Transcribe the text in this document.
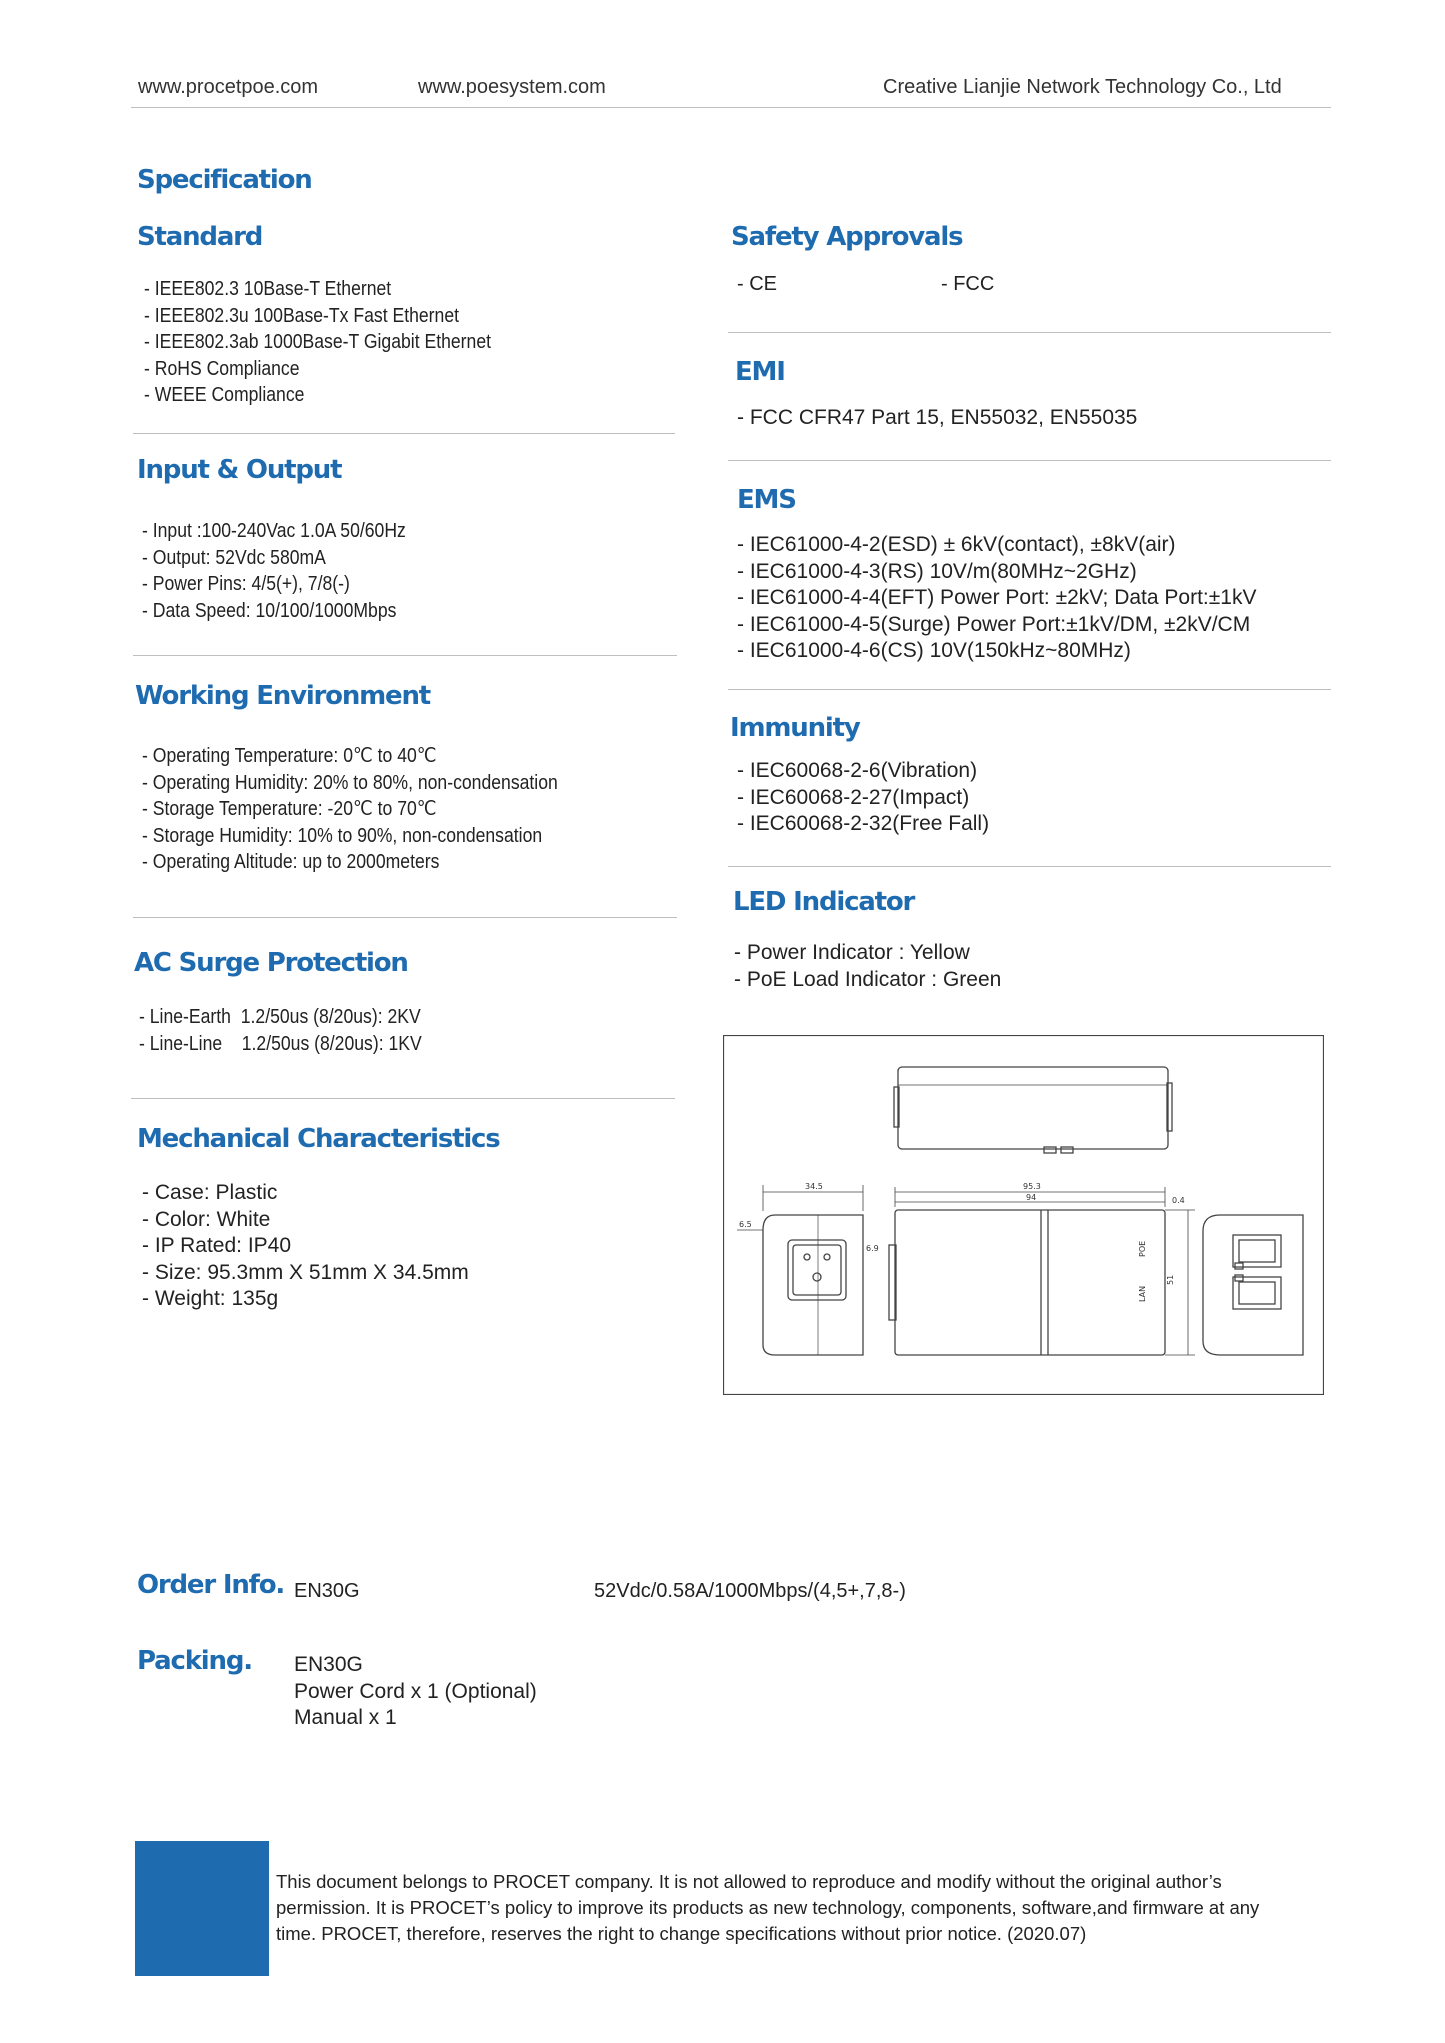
www.procetpoe.com	www.poesystem.com	Creative Lianjie Network Technology Co., Ltd
Specification
Standard
- IEEE802.3 10Base-T Ethernet
- IEEE802.3u 100Base-Tx Fast Ethernet
- IEEE802.3ab 1000Base-T Gigabit Ethernet
- RoHS Compliance
- WEEE Compliance
Input & Output
- Input :100-240Vac 1.0A 50/60Hz
- Output: 52Vdc 580mA
- Power Pins: 4/5(+), 7/8(-)
- Data Speed: 10/100/1000Mbps
Working Environment
- Operating Temperature: 0℃ to 40℃
- Operating Humidity: 20% to 80%, non-condensation
- Storage Temperature: -20℃ to 70℃
- Storage Humidity: 10% to 90%, non-condensation
- Operating Altitude: up to 2000meters
AC Surge Protection
- Line-Earth  1.2/50us (8/20us): 2KV
- Line-Line    1.2/50us (8/20us): 1KV
Mechanical Characteristics
- Case: Plastic
- Color: White
- IP Rated: IP40
- Size: 95.3mm X 51mm X 34.5mm
- Weight: 135g
Safety Approvals
- CE	- FCC
EMI
- FCC CFR47 Part 15, EN55032, EN55035
EMS
- IEC61000-4-2(ESD) ± 6kV(contact), ±8kV(air)
- IEC61000-4-3(RS) 10V/m(80MHz~2GHz)
- IEC61000-4-4(EFT) Power Port: ±2kV; Data Port:±1kV
- IEC61000-4-5(Surge) Power Port:±1kV/DM, ±2kV/CM
- IEC61000-4-6(CS) 10V(150kHz~80MHz)
Immunity
- IEC60068-2-6(Vibration)
- IEC60068-2-27(Impact)
- IEC60068-2-32(Free Fall)
LED Indicator
- Power Indicator : Yellow
- PoE Load Indicator : Green
34.5
6.5
95.3
94	0.4
6.9
51
POE
LAN
Order Info. EN30G	52Vdc/0.58A/1000Mbps/(4,5+,7,8-)
Packing. EN30G
Power Cord x 1 (Optional)
Manual x 1
This document belongs to PROCET company. It is not allowed to reproduce and modify without the original author’s permission. It is PROCET’s policy to improve its products as new technology, components, software,and firmware at any time. PROCET, therefore, reserves the right to change specifications without prior notice. (2020.07)
